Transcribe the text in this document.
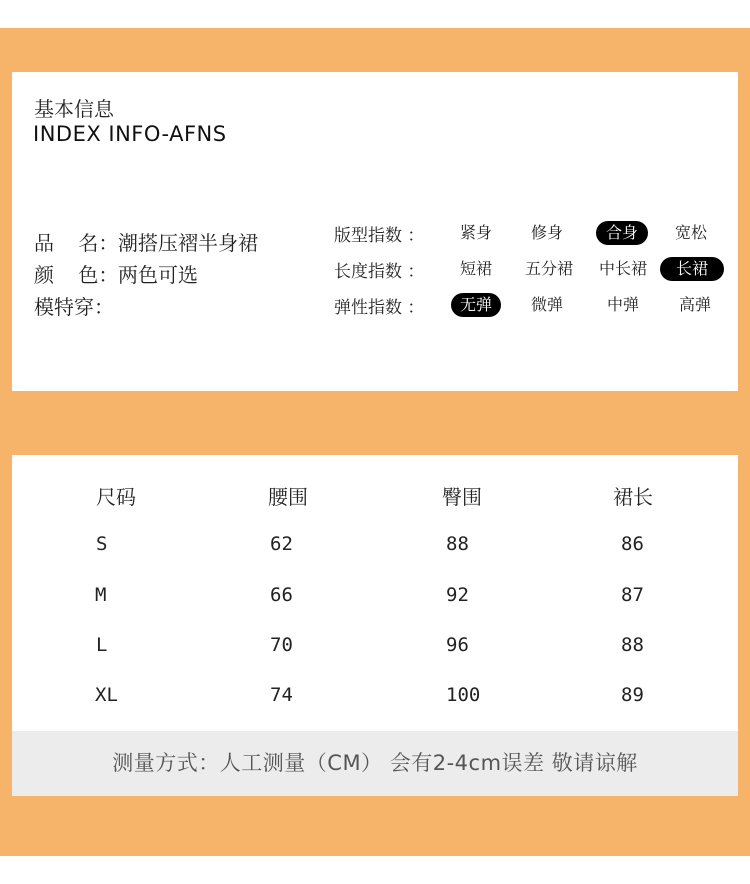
基本信息
INDEX INFO-AFNS
品 名：潮搭压褶半身裙
颜 色：两色可选
模特穿：
版型指数 ：	紧身	修身	合身	宽松
长度指数 ：	短裙	五分裙	中长裙	长裙
弹性指数 ：	无弹	微弹	中弹	高弹
尺码	腰围	臀围	裙长
S	62	88	86
M	66	92	87
L	70	96	88
XL	74	100	89
测量方式：人工测量（CM） 会有2-4cm误差 敬请谅解
